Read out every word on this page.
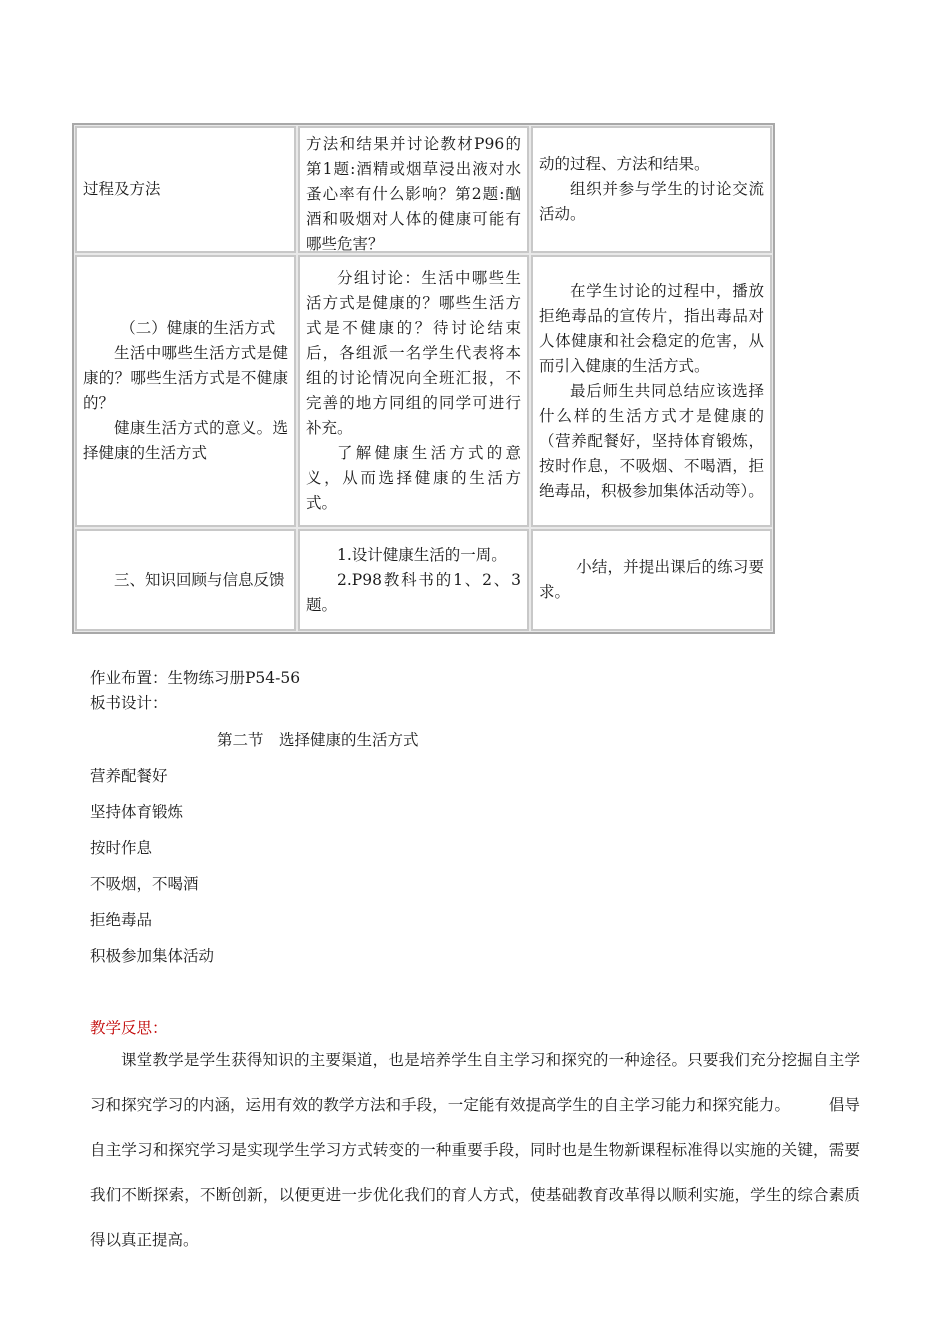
过程及方法

方法和结果并讨论教材P96的第1题:酒精或烟草浸出液对水蚤心率有什么影响？第2题:酗酒和吸烟对人体的健康可能有哪些危害？

动的过程、方法和结果。

组织并参与学生的讨论交流活动。

（二）健康的生活方式

生活中哪些生活方式是健康的？哪些生活方式是不健康的？

健康生活方式的意义。选择健康的生活方式

分组讨论：生活中哪些生活方式是健康的？哪些生活方式是不健康的？待讨论结束后，各组派一名学生代表将本组的讨论情况向全班汇报，不完善的地方同组的同学可进行补充。

了解健康生活方式的意义，从而选择健康的生活方式。

在学生讨论的过程中，播放拒绝毒品的宣传片，指出毒品对人体健康和社会稳定的危害，从而引入健康的生活方式。

最后师生共同总结应该选择什么样的生活方式才是健康的（营养配餐好，坚持体育锻炼，按时作息，不吸烟、不喝酒，拒绝毒品，积极参加集体活动等）。

三、知识回顾与信息反馈

1.设计健康生活的一周。

2.P98教科书的1、2、3题。

小结，并提出课后的练习要求。

作业布置：生物练习册P54-56
板书设计：
第二节　选择健康的生活方式
营养配餐好
坚持体育锻炼
按时作息
不吸烟，不喝酒
拒绝毒品
积极参加集体活动
教学反思：
课堂教学是学生获得知识的主要渠道，也是培养学生自主学习和探究的一种途径。只要我们充分挖掘自主学习和探究学习的内涵，运用有效的教学方法和手段，一定能有效提高学生的自主学习能力和探究能力。　　　倡导自主学习和探究学习是实现学生学习方式转变的一种重要手段，同时也是生物新课程标准得以实施的关键，需要我们不断探索，不断创新，以便更进一步优化我们的育人方式，使基础教育改革得以顺利实施，学生的综合素质得以真正提高。
